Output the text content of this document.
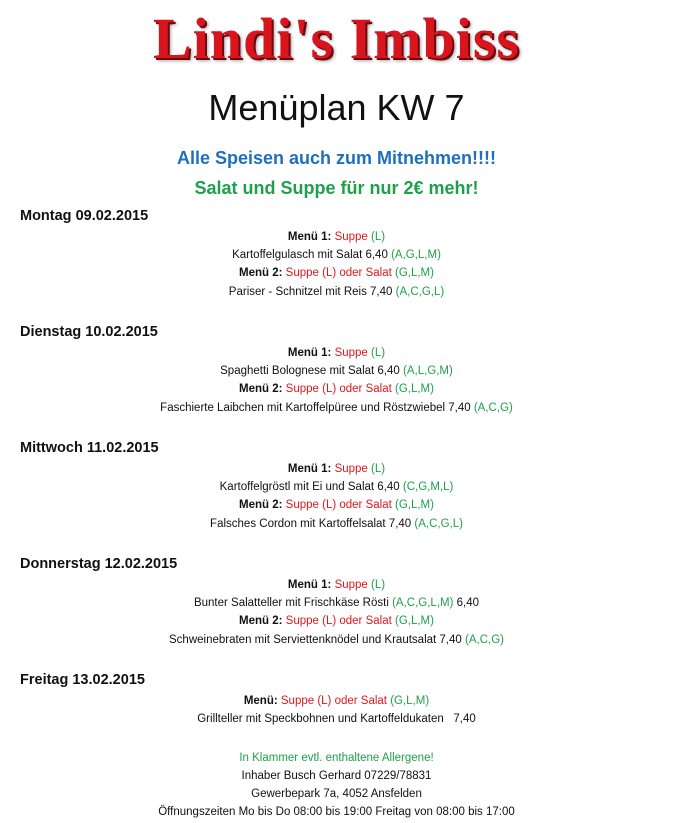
Lindi's Imbiss
Menüplan KW 7
Alle Speisen auch zum Mitnehmen!!!!
Salat und Suppe für nur 2€ mehr!
Montag 09.02.2015
Menü 1: Suppe (L)
Kartoffelgulasch mit Salat 6,40 (A,G,L,M)
Menü 2: Suppe (L) oder Salat (G,L,M)
Pariser - Schnitzel mit Reis 7,40 (A,C,G,L)
Dienstag 10.02.2015
Menü 1: Suppe (L)
Spaghetti Bolognese mit Salat 6,40 (A,L,G,M)
Menü 2: Suppe (L) oder Salat (G,L,M)
Faschierte Laibchen mit Kartoffelpüree und Röstzwiebel 7,40 (A,C,G)
Mittwoch 11.02.2015
Menü 1: Suppe (L)
Kartoffelgröstl mit Ei und Salat 6,40 (C,G,M,L)
Menü 2: Suppe (L) oder Salat (G,L,M)
Falsches Cordon mit Kartoffelsalat 7,40 (A,C,G,L)
Donnerstag 12.02.2015
Menü 1: Suppe (L)
Bunter Salatteller mit Frischkäse Rösti (A,C,G,L,M) 6,40
Menü 2: Suppe (L) oder Salat (G,L,M)
Schweinebraten mit Serviettenknödel und Krautsalat 7,40 (A,C,G)
Freitag 13.02.2015
Menü: Suppe (L) oder Salat (G,L,M)
Grillteller mit Speckbohnen und Kartoffeldukaten   7,40
In Klammer evtl. enthaltene Allergene!
Inhaber Busch Gerhard 07229/78831
Gewerbepark 7a, 4052 Ansfelden
Öffnungszeiten Mo bis Do 08:00 bis 19:00 Freitag von 08:00 bis 17:00
